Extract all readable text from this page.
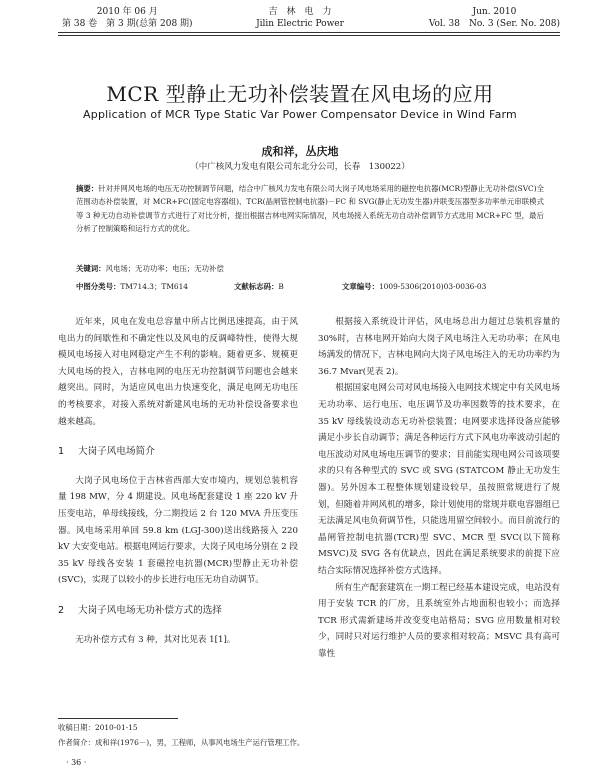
2010 年 06 月
第 38 卷　第 3 期(总第 208 期)
吉　林　电　力
Jilin Electric Power
Jun. 2010
Vol. 38　No. 3 (Ser. No. 208)
MCR 型静止无功补偿装置在风电场的应用
Application of MCR Type Static Var Power Compensator Device in Wind Farm
成和祥，丛庆地
（中广核风力发电有限公司东北分公司，长春　130022）
摘要：针对并网风电场的电压无功控制调节问题，结合中广核风力发电有限公司大岗子风电场采用的磁控电抗器(MCR)型静止无功补偿(SVC)全范围动态补偿装置，对 MCR+FC(固定电容器组)、TCR(晶闸管控制电抗器)－FC 和 SVG(静止无功发生器)并联变压器型多功率单元串联模式等 3 种无功自动补偿调节方式进行了对比分析，提出根据吉林电网实际情况，风电场接入系统无功自动补偿调节方式选用 MCR+FC 型，最后分析了控制策略和运行方式的优化。
关键词：风电场；无功功率；电压；无功补偿
中图分类号：TM714.3；TM614	文献标志码：B	文章编号：1009-5306(2010)03-0036-03

近年来，风电在发电总容量中所占比例迅速提高，由于风电出力的间歇性和不确定性以及风电的反调峰特性，使得大规模风电场接入对电网稳定产生不利的影响。随着更多、规模更大风电场的投入，吉林电网的电压无功控制调节问题也会越来越突出。同时，为适应风电出力快速变化，满足电网无功电压的考核要求，对接入系统对新建风电场的无功补偿设备要求也越来越高。

1 大岗子风电场简介

大岗子风电场位于吉林省西部大安市境内，规划总装机容量 198 MW，分 4 期建设。风电场配套建设 1 座 220 kV 升压变电站，单母线接线，分二期投运 2 台 120 MVA 升压变压器。风电场采用单回 59.8 km (LGJ-300)送出线路接入 220 kV 大安变电站。根据电网运行要求，大岗子风电场分别在 2 段 35 kV 母线各安装 1 套磁控电抗器(MCR)型静止无功补偿(SVC)，实现了以较小的步长进行电压无功自动调节。

2 大岗子风电场无功补偿方式的选择

无功补偿方式有 3 种，其对比见表 1[1]。

根据接入系统设计评估，风电场总出力超过总装机容量的 30%时，吉林电网开始向大岗子风电场注入无功功率；在风电场满发的情况下，吉林电网向大岗子风电场注入的无功功率约为 36.7 Mvar(见表 2)。

根据国家电网公司对风电场接入电网技术规定中有关风电场无功功率、运行电压、电压调节及功率因数等的技术要求，在 35 kV 母线装设动态无功补偿装置；电网要求选择设备应能够满足小步长自动调节；满足各种运行方式下风电功率波动引起的电压波动对风电场电压调节的要求；目前能实现电网公司该项要求的只有各种型式的 SVC 或 SVG (STATCOM 静止无功发生器)。另外因本工程整体规划建设较早，虽按照常规进行了规划，但随着并网风机的增多，除计划使用的常规并联电容器组已无法满足风电负荷调节性，只能选用留空间较小。而目前流行的晶闸管控制电抗器(TCR)型 SVC、MCR 型 SVC(以下简称 MSVC)及 SVG 各有优缺点，因此在满足系统要求的前提下应结合实际情况选择补偿方式选择。

所有生产配套建筑在一期工程已经基本建设完成，电站没有用于安装 TCR 的厂房，且系统室外占地面积也较小；而选择 TCR 形式需新建场并改变变电站格局；SVG 应用数量相对较少，同时只对运行维护人员的要求相对较高；MSVC 具有高可靠性

收稿日期：2010-01-15
作者简介：成和祥(1976－)，男，工程师，从事风电场生产运行管理工作。
· 36 ·
